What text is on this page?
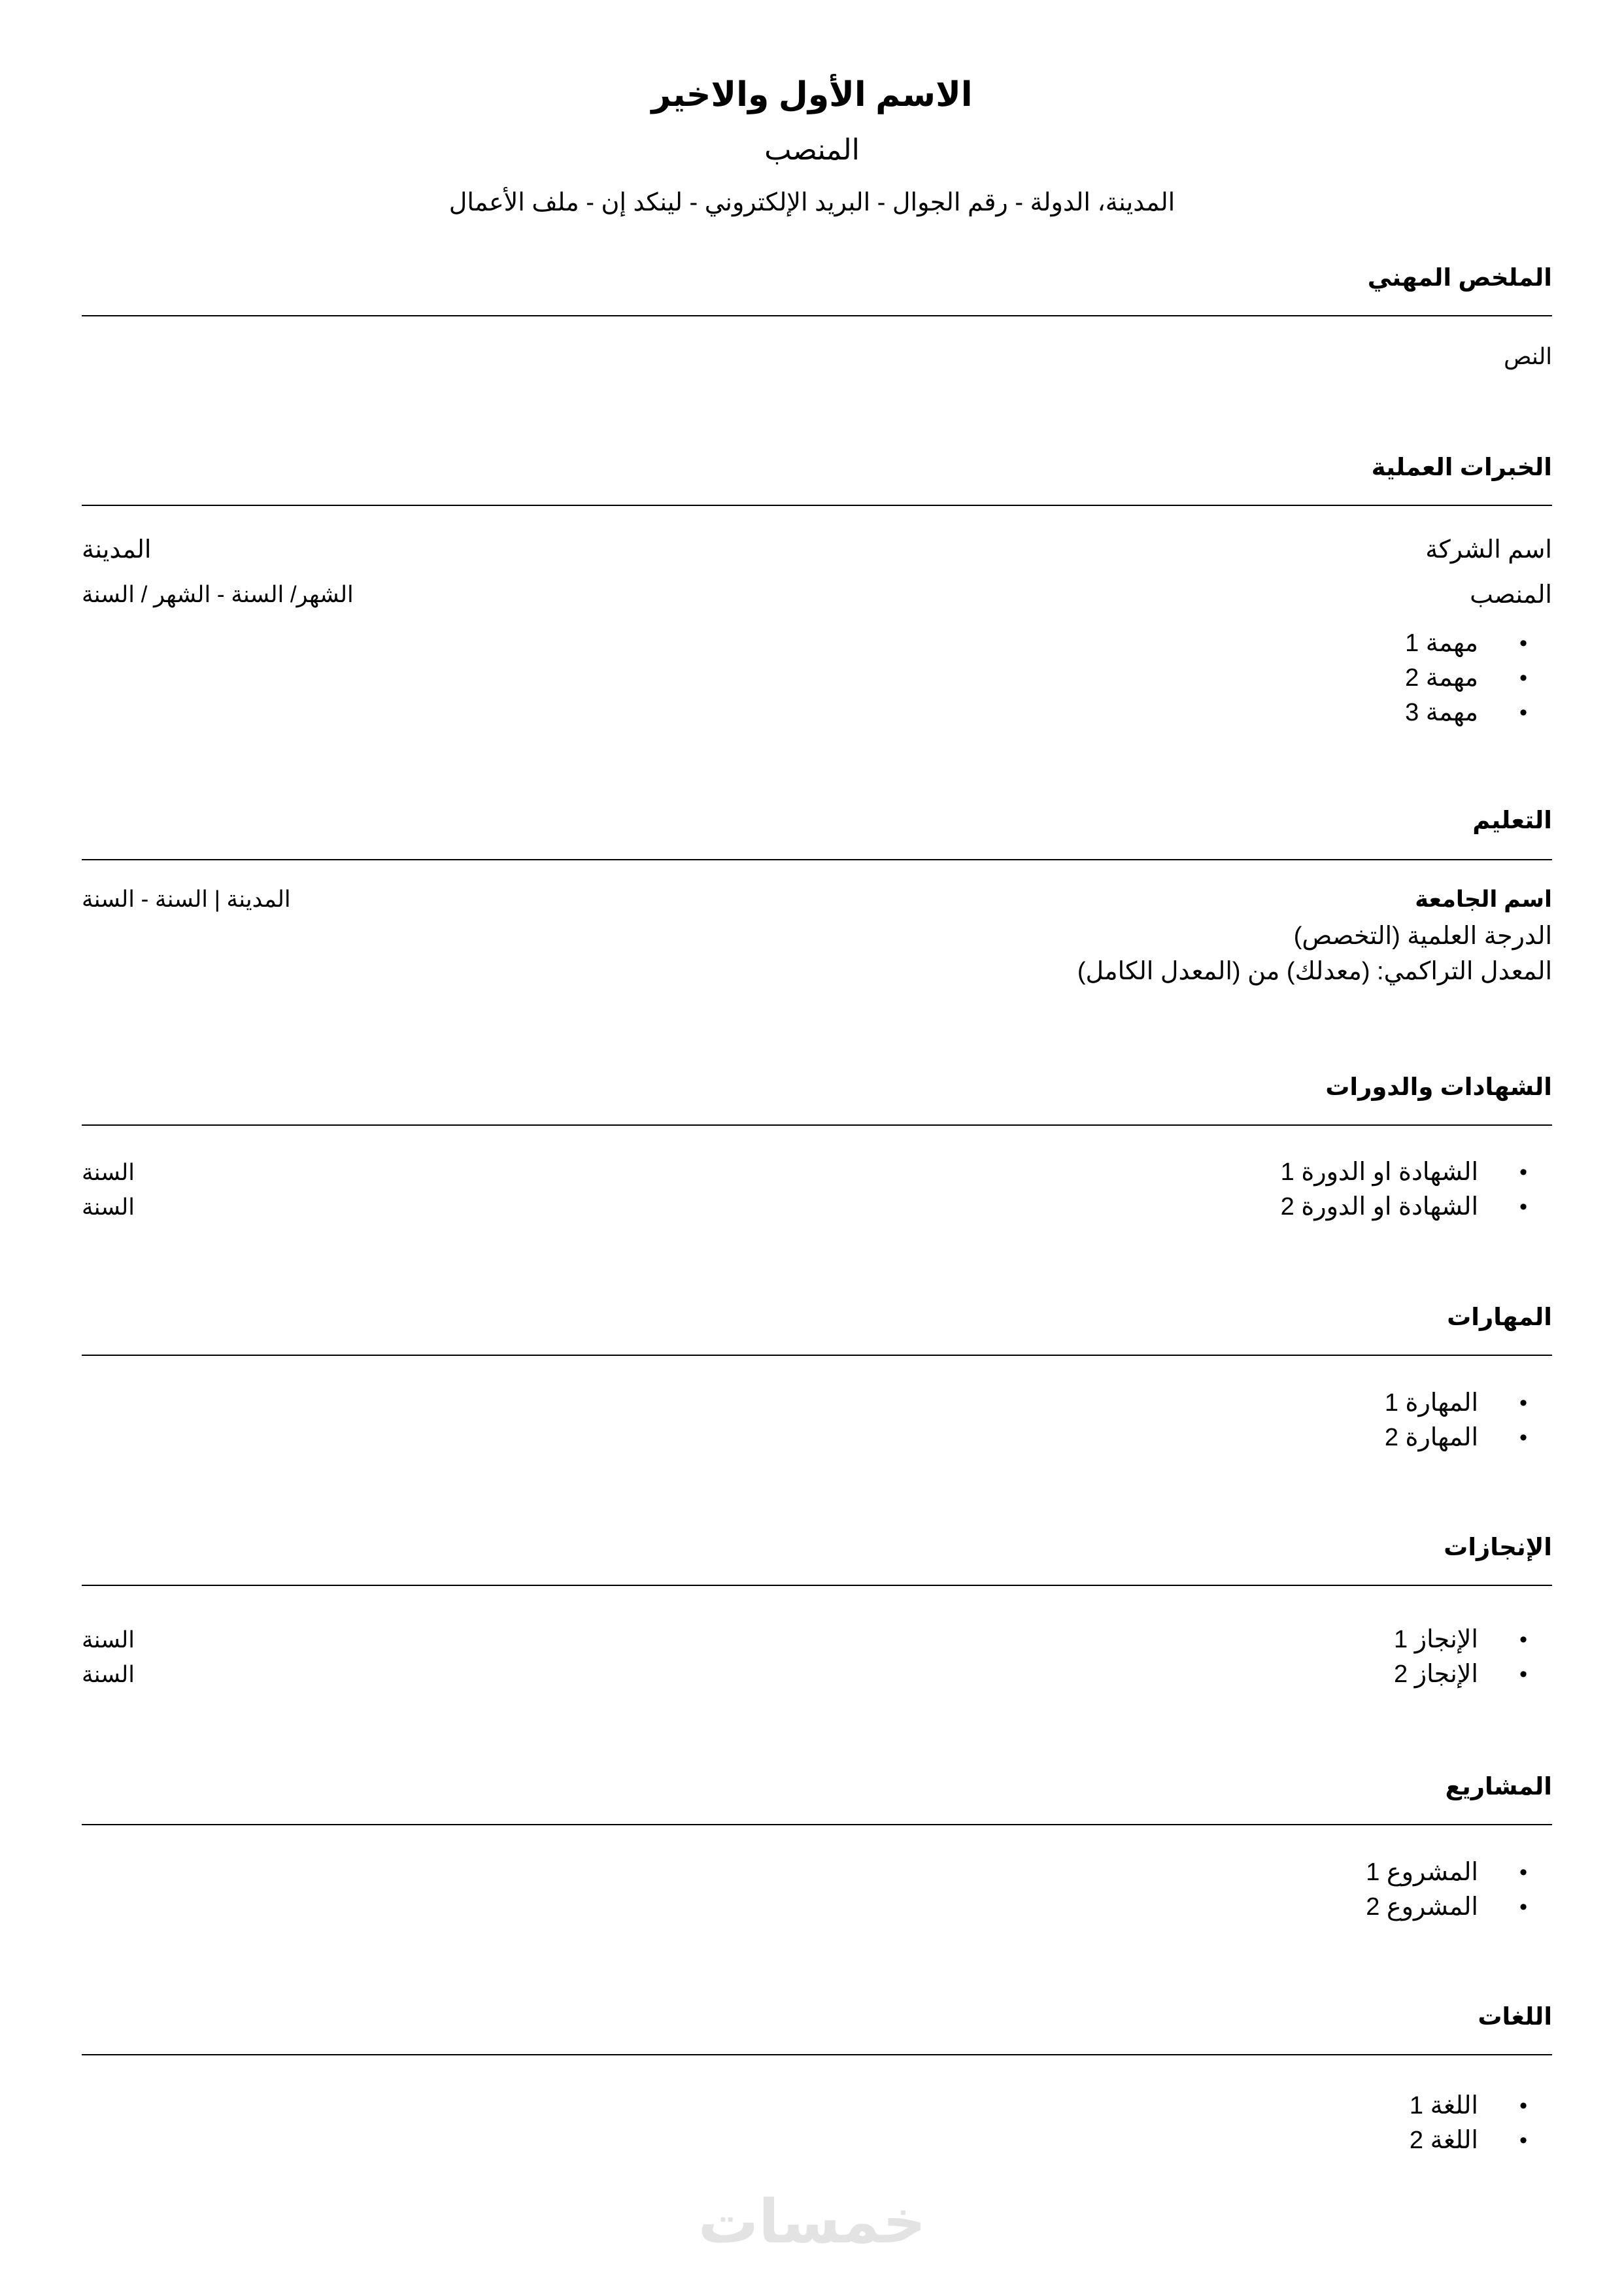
الاسم الأول والاخير
المنصب
المدينة، الدولة - رقم الجوال - البريد الإلكتروني - لينكد إن - ملف الأعمال
الملخص المهني
النص
الخبرات العملية
اسم الشركة
المدينة
المنصب
الشهر/ السنة - الشهر / السنة
•
مهمة 1
•
مهمة 2
•
مهمة 3
التعليم
اسم الجامعة
المدينة | السنة - السنة
الدرجة العلمية (التخصص)
المعدل التراكمي: (معدلك) من (المعدل الكامل)
الشهادات والدورات
•
الشهادة او الدورة 1
•
الشهادة او الدورة 2
السنة
السنة
المهارات
•
المهارة 1
•
المهارة 2
الإنجازات
•
الإنجاز 1
•
الإنجاز 2
السنة
السنة
المشاريع
•
المشروع 1
•
المشروع 2
اللغات
•
اللغة 1
•
اللغة 2
خمسات
